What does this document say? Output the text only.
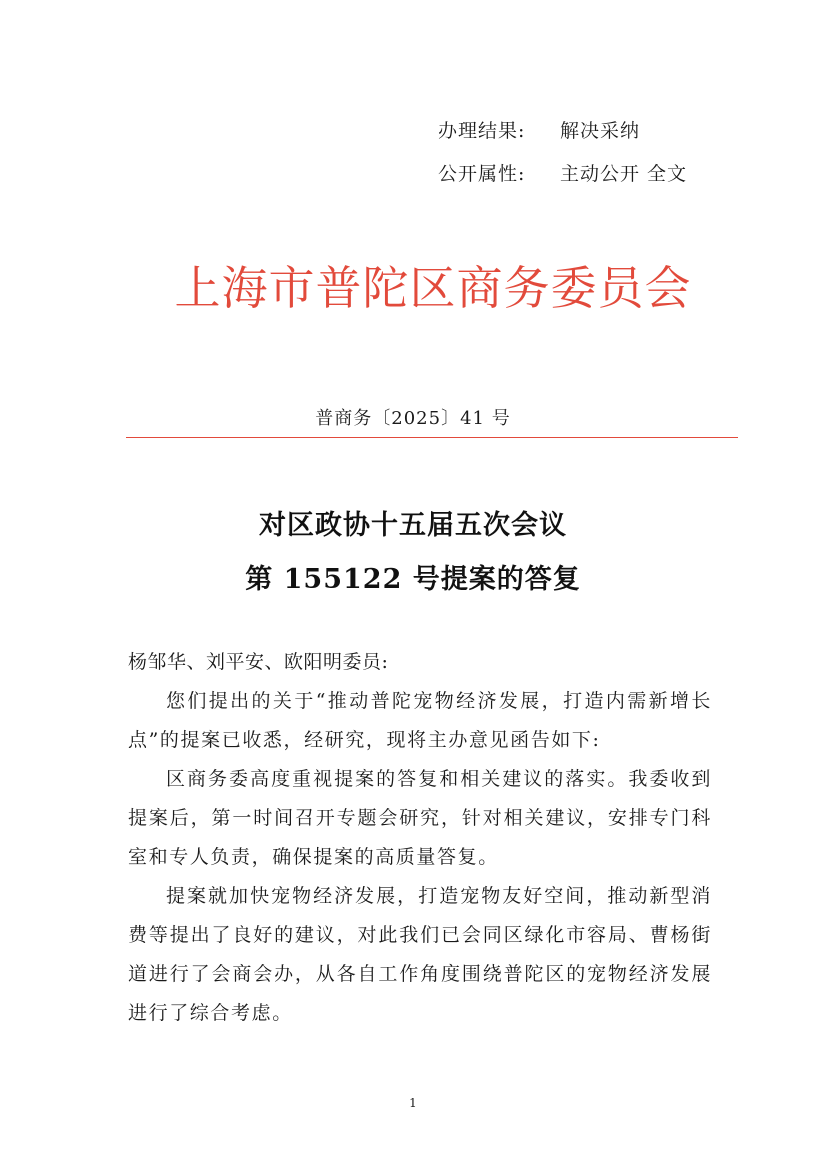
办理结果: 解决采纳
公开属性: 主动公开 全文
上海市普陀区商务委员会
普商务〔2025〕41 号
对区政协十五届五次会议
第 155122 号提案的答复

杨邹华、刘平安、欧阳明委员:

您们提出的关于“推动普陀宠物经济发展，打造内需新增长点”的提案已收悉，经研究，现将主办意见函告如下:

区商务委高度重视提案的答复和相关建议的落实。我委收到提案后，第一时间召开专题会研究，针对相关建议，安排专门科室和专人负责，确保提案的高质量答复。

提案就加快宠物经济发展，打造宠物友好空间，推动新型消费等提出了良好的建议，对此我们已会同区绿化市容局、曹杨街道进行了会商会办，从各自工作角度围绕普陀区的宠物经济发展进行了综合考虑。

1
